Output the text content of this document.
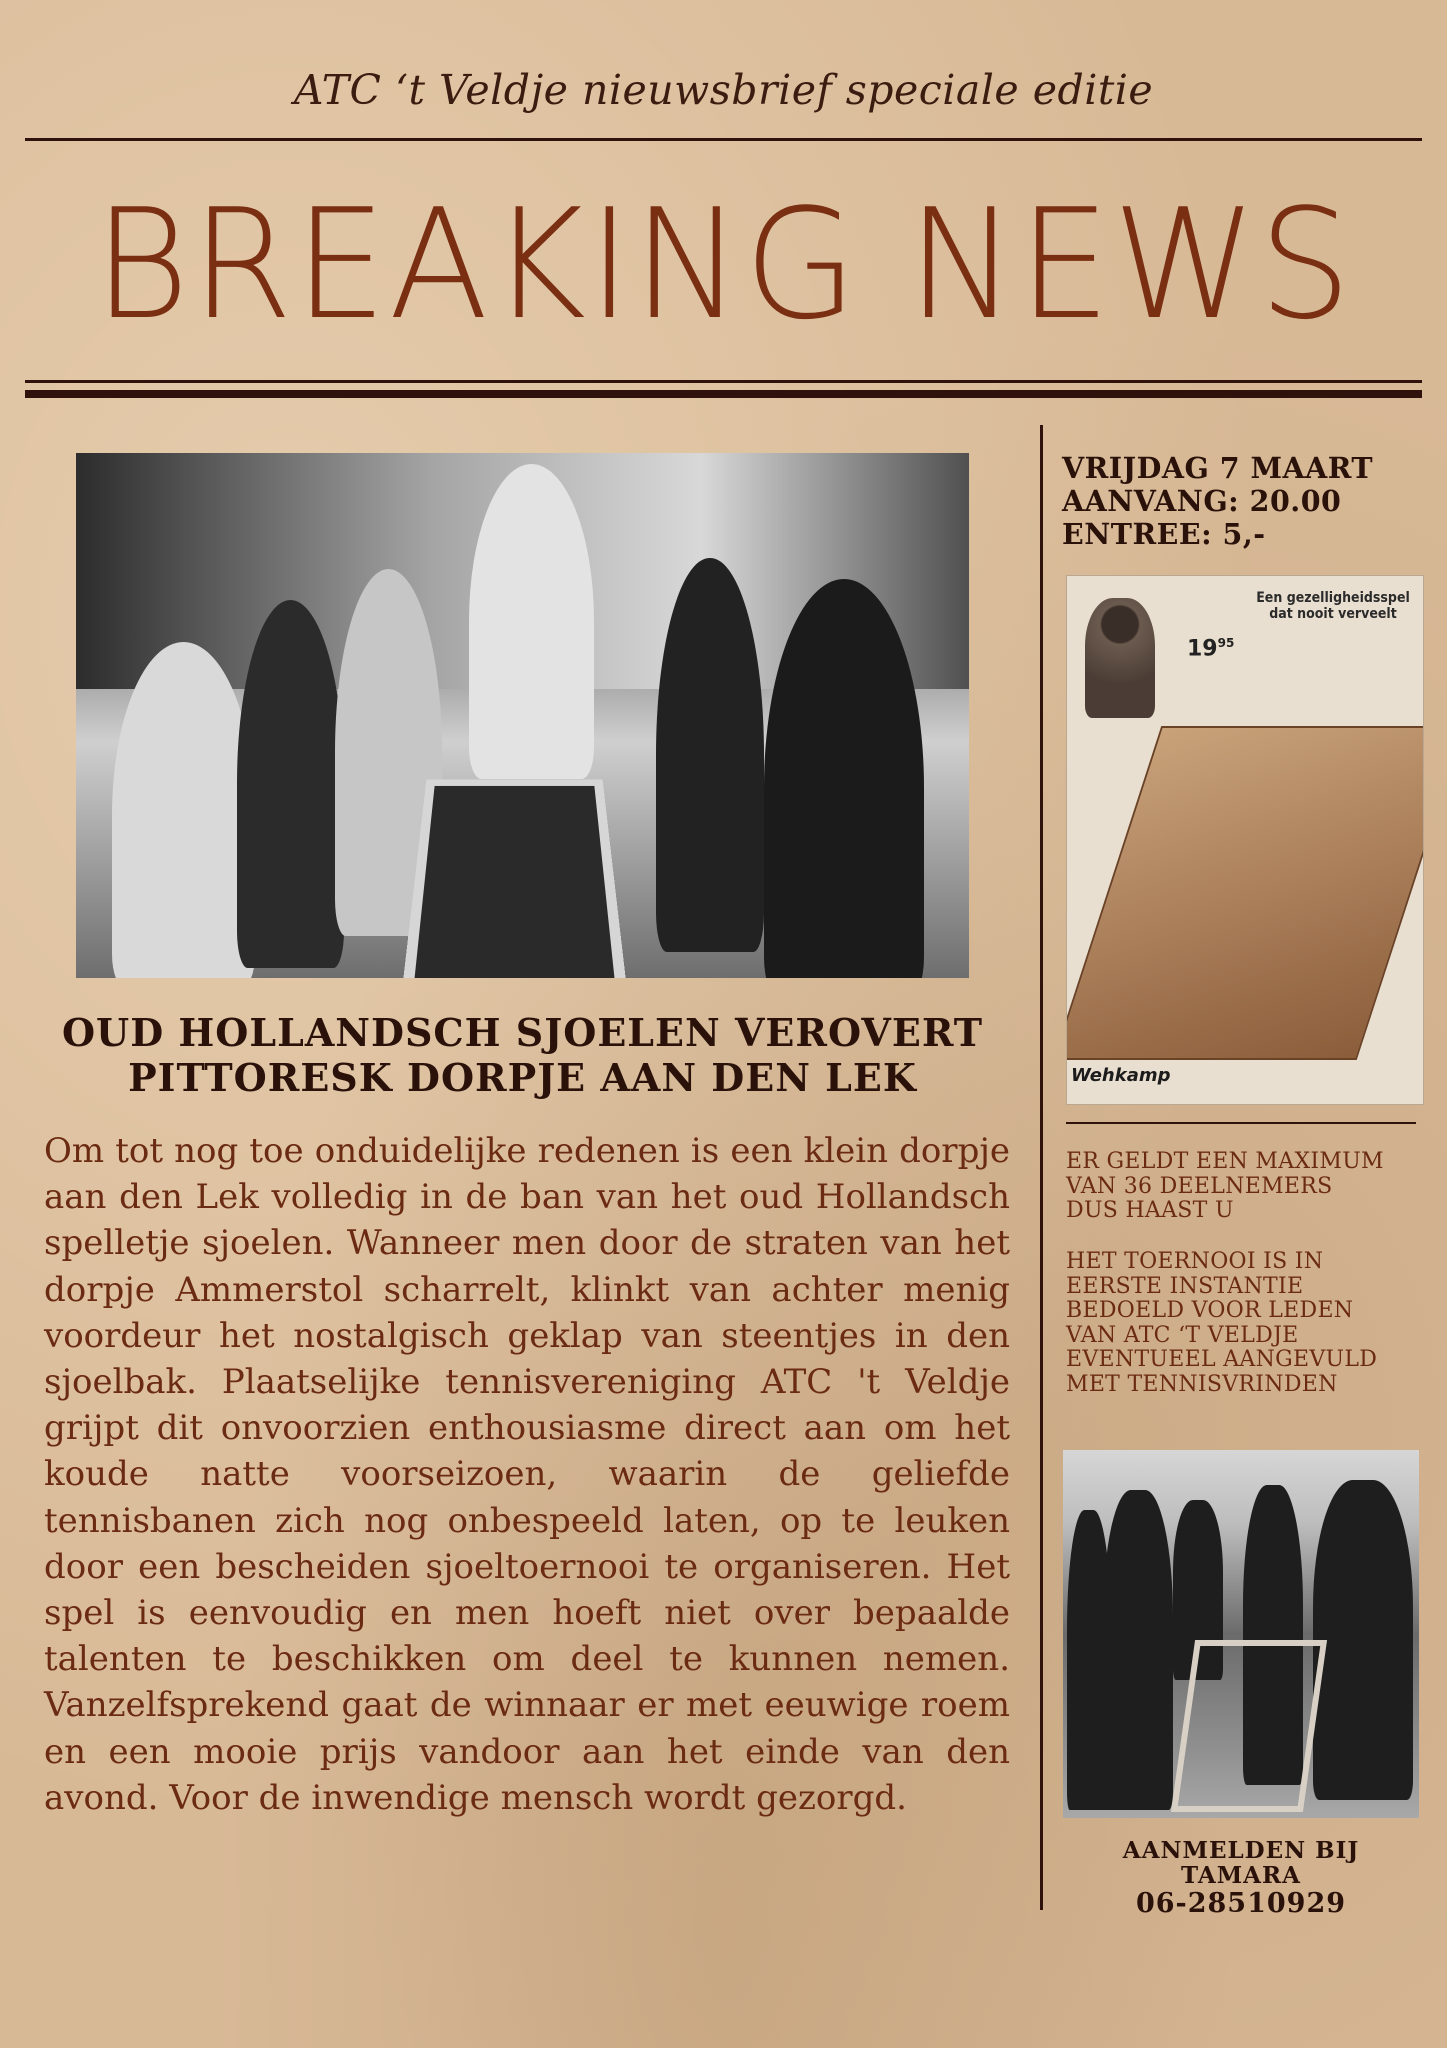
ATC ‘t Veldje nieuwsbrief speciale editie
BREAKING NEWS
OUD HOLLANDSCH SJOELEN VEROVERT
PITTORESK DORPJE AAN DEN LEK

Om tot nog toe onduidelijke redenen is een klein dorpje aan den Lek volledig in de ban van het oud Hollandsch spelletje sjoelen. Wanneer men door de straten van het dorpje Ammerstol scharrelt, klinkt van achter menig voordeur het nostalgisch geklap van steentjes in den sjoelbak. Plaatselijke tennisvereniging ATC 't Veldje grijpt dit onvoorzien enthousiasme direct aan om het koude natte voorseizoen, waarin de geliefde tennisbanen zich nog onbespeeld laten, op te leuken door een bescheiden sjoeltoernooi te organiseren. Het spel is eenvoudig en men hoeft niet over bepaalde talenten te beschikken om deel te kunnen nemen. Vanzelfsprekend gaat de winnaar er met eeuwige roem en een mooie prijs vandoor aan het einde van den avond. Voor de inwendige mensch wordt gezorgd.

VRIJDAG 7 MAART
AANVANG: 20.00
ENTREE: 5,-
Een gezelligheidsspel dat nooit verveelt
$19^{95}$
Wehkamp
ER GELDT EEN MAXIMUM
VAN 36 DEELNEMERS
DUS HAAST U
HET TOERNOOI IS IN
EERSTE INSTANTIE
BEDOELD VOOR LEDEN
VAN ATC ‘T VELDJE
EVENTUEEL AANGEVULD
MET TENNISVRINDEN
AANMELDEN BIJ
TAMARA
06-28510929
